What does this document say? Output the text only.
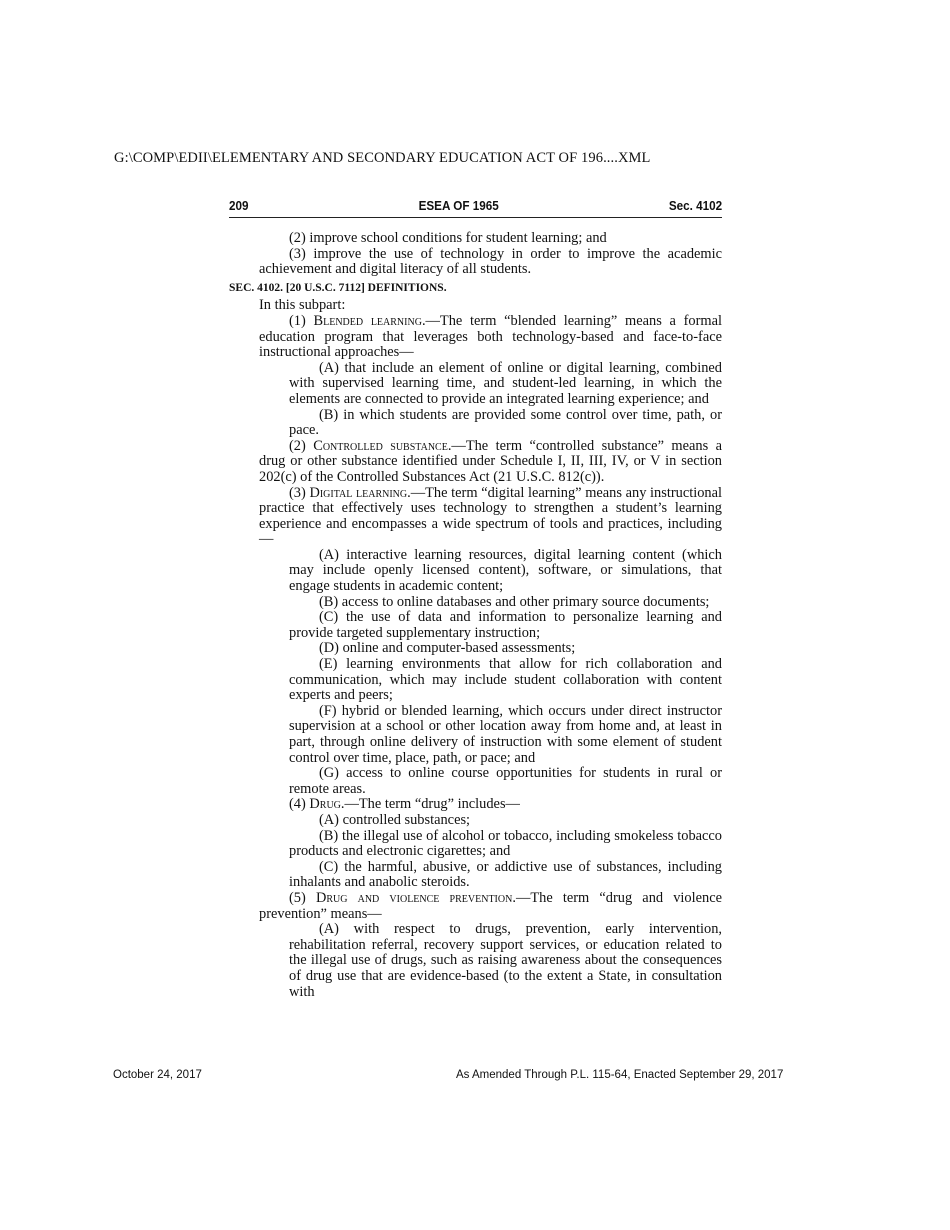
G:\COMP\EDII\ELEMENTARY AND SECONDARY EDUCATION ACT OF 196....XML
209	ESEA OF 1965	Sec. 4102

(2) improve school conditions for student learning; and

(3) improve the use of technology in order to improve the academic achievement and digital literacy of all students.

SEC. 4102. [20 U.S.C. 7112] DEFINITIONS.

In this subpart:

(1) Blended learning.—The term “blended learning” means a formal education program that leverages both technology-based and face-to-face instructional approaches—

(A) that include an element of online or digital learning, combined with supervised learning time, and student-led learning, in which the elements are connected to provide an integrated learning experience; and

(B) in which students are provided some control over time, path, or pace.

(2) Controlled substance.—The term “controlled substance” means a drug or other substance identified under Schedule I, II, III, IV, or V in section 202(c) of the Controlled Substances Act (21 U.S.C. 812(c)).

(3) Digital learning.—The term “digital learning” means any instructional practice that effectively uses technology to strengthen a student’s learning experience and encompasses a wide spectrum of tools and practices, including—

(A) interactive learning resources, digital learning content (which may include openly licensed content), software, or simulations, that engage students in academic content;

(B) access to online databases and other primary source documents;

(C) the use of data and information to personalize learning and provide targeted supplementary instruction;

(D) online and computer-based assessments;

(E) learning environments that allow for rich collaboration and communication, which may include student collaboration with content experts and peers;

(F) hybrid or blended learning, which occurs under direct instructor supervision at a school or other location away from home and, at least in part, through online delivery of instruction with some element of student control over time, place, path, or pace; and

(G) access to online course opportunities for students in rural or remote areas.

(4) Drug.—The term “drug” includes—

(A) controlled substances;

(B) the illegal use of alcohol or tobacco, including smokeless tobacco products and electronic cigarettes; and

(C) the harmful, abusive, or addictive use of substances, including inhalants and anabolic steroids.

(5) Drug and violence prevention.—The term “drug and violence prevention” means—

(A) with respect to drugs, prevention, early intervention, rehabilitation referral, recovery support services, or education related to the illegal use of drugs, such as raising awareness about the consequences of drug use that are evidence-based (to the extent a State, in consultation with

October 24, 2017	As Amended Through P.L. 115-64, Enacted September 29, 2017
